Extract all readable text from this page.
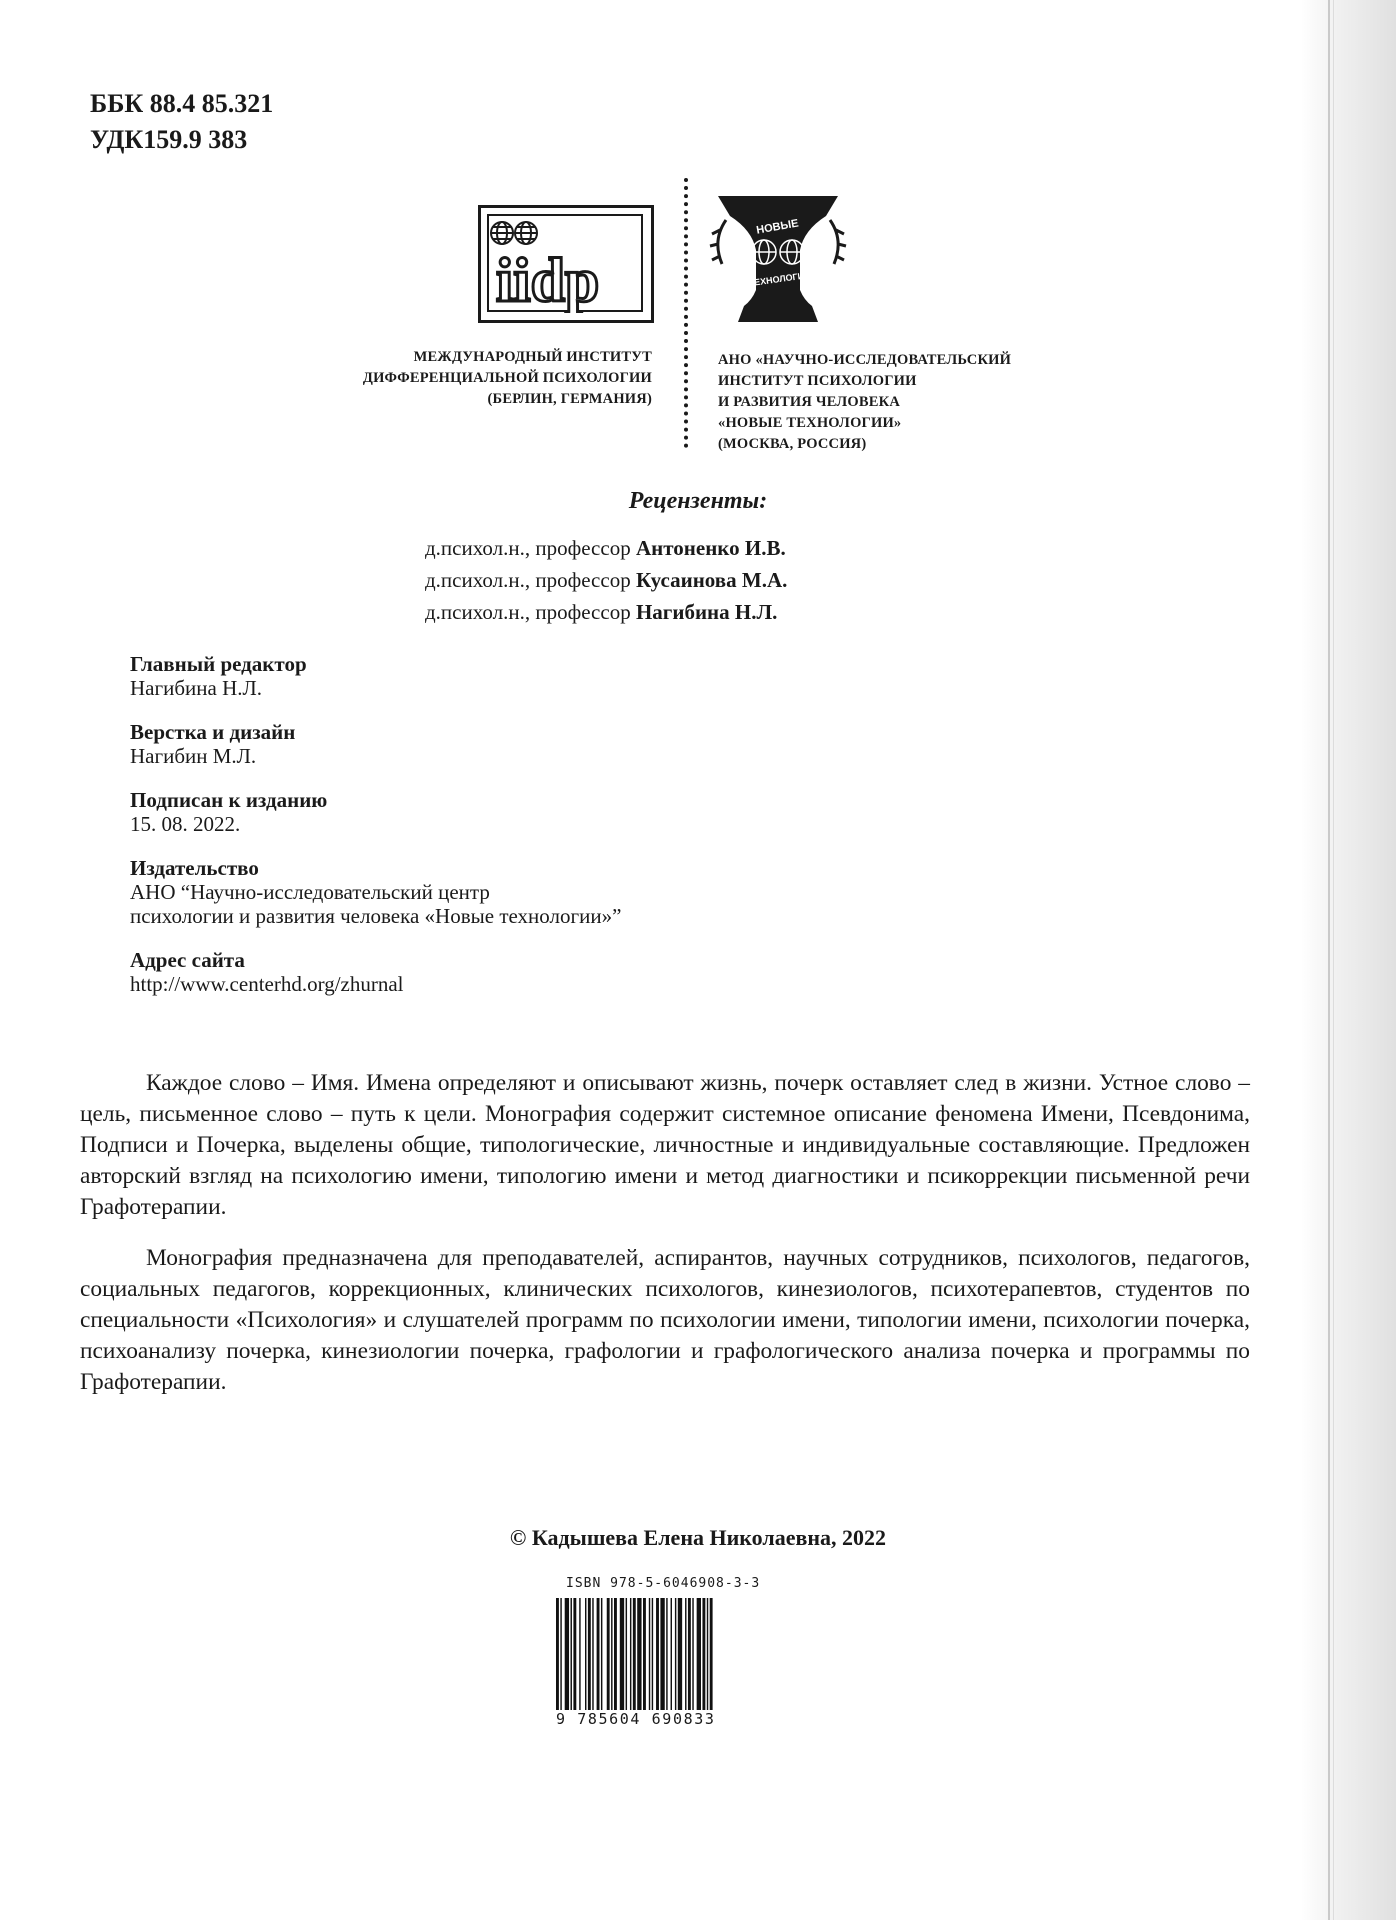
ББК 88.4 85.321
УДК159.9 383
iidp
МЕЖДУНАРОДНЫЙ ИНСТИТУТ
ДИФФЕРЕНЦИАЛЬНОЙ ПСИХОЛОГИИ
(БЕРЛИН, ГЕРМАНИЯ)
НОВЫЕ
ТЕХНОЛОГИИ
АНО «НАУЧНО-ИССЛЕДОВАТЕЛЬСКИЙ
ИНСТИТУТ ПСИХОЛОГИИ
И РАЗВИТИЯ ЧЕЛОВЕКА
«НОВЫЕ ТЕХНОЛОГИИ»
(МОСКВА, РОССИЯ)
Рецензенты:
д.психол.н., профессор Антоненко И.В.
д.психол.н., профессор Кусаинова М.А.
д.психол.н., профессор Нагибина Н.Л.
Главный редактор
Нагибина Н.Л.
Верстка и дизайн
Нагибин М.Л.
Подписан к изданию
15. 08. 2022.
Издательство
АНО “Научно-исследовательский центр
психологии и развития человека «Новые технологии»”
Адрес сайта
http://www.centerhd.org/zhurnal

Каждое слово – Имя. Имена определяют и описывают жизнь, почерк оставляет след в жизни. Устное слово – цель, письменное слово – путь к цели. Монография содержит системное описание феномена Имени, Псевдонима, Подписи и Почерка, выделены общие, типологические, личностные и индивидуальные составляющие. Предложен авторский взгляд на психологию имени, типологию имени и метод диагностики и псикоррекции письменной речи Графотерапии.

Монография предназначена для преподавателей, аспирантов, научных сотрудников, психологов, педагогов, социальных педагогов, коррекционных, клинических психологов, кинезиологов, психотерапевтов, студентов по специальности «Психология» и слушателей программ по психологии имени, типологии имени, психологии почерка, психоанализу почерка, кинезиологии почерка, графологии и графологического анализа почерка и программы по Графотерапии.

© Кадышева Елена Николаевна, 2022
ISBN 978-5-6046908-3-3
9 785604 690833
